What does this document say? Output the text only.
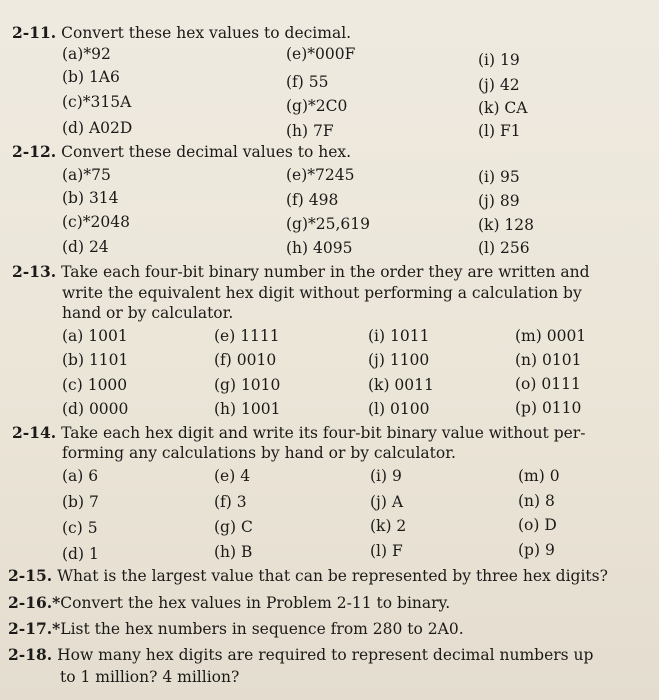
2-11. Convert these hex values to decimal.
(a)*92	(e)*000F	(i) 19
(b) 1A6	(f) 55	(j) 42
(c)*315A	(g)*2C0	(k) CA
(d) A02D	(h) 7F	(l) F1
2-12. Convert these decimal values to hex.
(a)*75	(e)*7245	(i) 95
(b) 314	(f) 498	(j) 89
(c)*2048	(g)*25,619	(k) 128
(d) 24	(h) 4095	(l) 256
2-13. Take each four-bit binary number in the order they are written and
write the equivalent hex digit without performing a calculation by
hand or by calculator.
(a) 1001	(e) 1111	(i) 1011	(m) 0001
(b) 1101	(f) 0010	(j) 1100	(n) 0101
(c) 1000	(g) 1010	(k) 0011	(o) 0111
(d) 0000	(h) 1001	(l) 0100	(p) 0110
2-14. Take each hex digit and write its four-bit binary value without per-
forming any calculations by hand or by calculator.
(a) 6	(e) 4	(i) 9	(m) 0
(b) 7	(f) 3	(j) A	(n) 8
(c) 5	(g) C	(k) 2	(o) D
(d) 1	(h) B	(l) F	(p) 9
2-15. What is the largest value that can be represented by three hex digits?
2-16.*Convert the hex values in Problem 2-11 to binary.
2-17.*List the hex numbers in sequence from 280 to 2A0.
2-18. How many hex digits are required to represent decimal numbers up
to 1 million? 4 million?
